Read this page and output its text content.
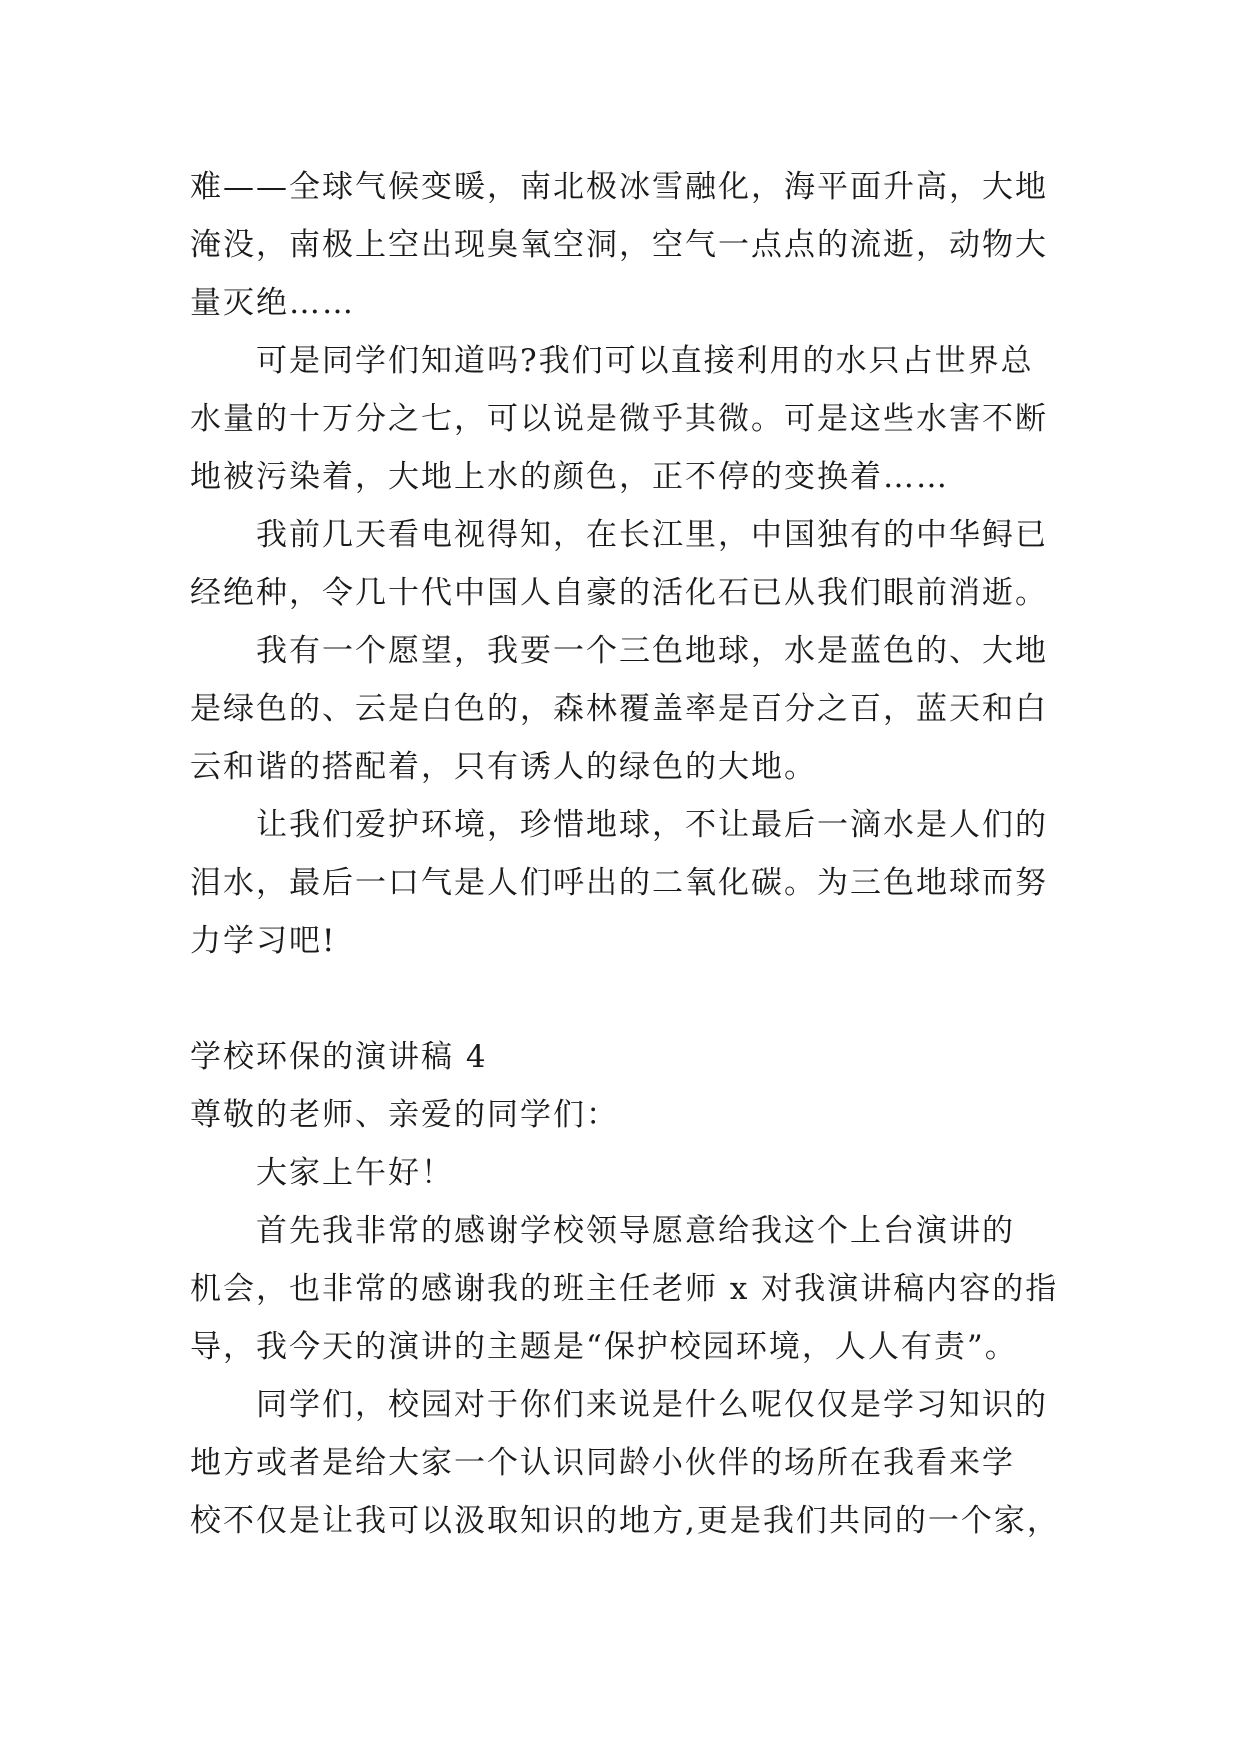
难——全球气候变暖，南北极冰雪融化，海平面升高，大地
淹没，南极上空出现臭氧空洞，空气一点点的流逝，动物大
量灭绝……
可是同学们知道吗?我们可以直接利用的水只占世界总
水量的十万分之七，可以说是微乎其微。可是这些水害不断
地被污染着，大地上水的颜色，正不停的变换着……
我前几天看电视得知，在长江里，中国独有的中华鲟已
经绝种，令几十代中国人自豪的活化石已从我们眼前消逝。
我有一个愿望，我要一个三色地球，水是蓝色的、大地
是绿色的、云是白色的，森林覆盖率是百分之百，蓝天和白
云和谐的搭配着，只有诱人的绿色的大地。
让我们爱护环境，珍惜地球，不让最后一滴水是人们的
泪水，最后一口气是人们呼出的二氧化碳。为三色地球而努
力学习吧!
学校环保的演讲稿 4
尊敬的老师、亲爱的同学们：
大家上午好！
首先我非常的感谢学校领导愿意给我这个上台演讲的
机会，也非常的感谢我的班主任老师 x 对我演讲稿内容的指
导，我今天的演讲的主题是“保护校园环境，人人有责”。
同学们，校园对于你们来说是什么呢仅仅是学习知识的
地方或者是给大家一个认识同龄小伙伴的场所在我看来学
校不仅是让我可以汲取知识的地方,更是我们共同的一个家，
